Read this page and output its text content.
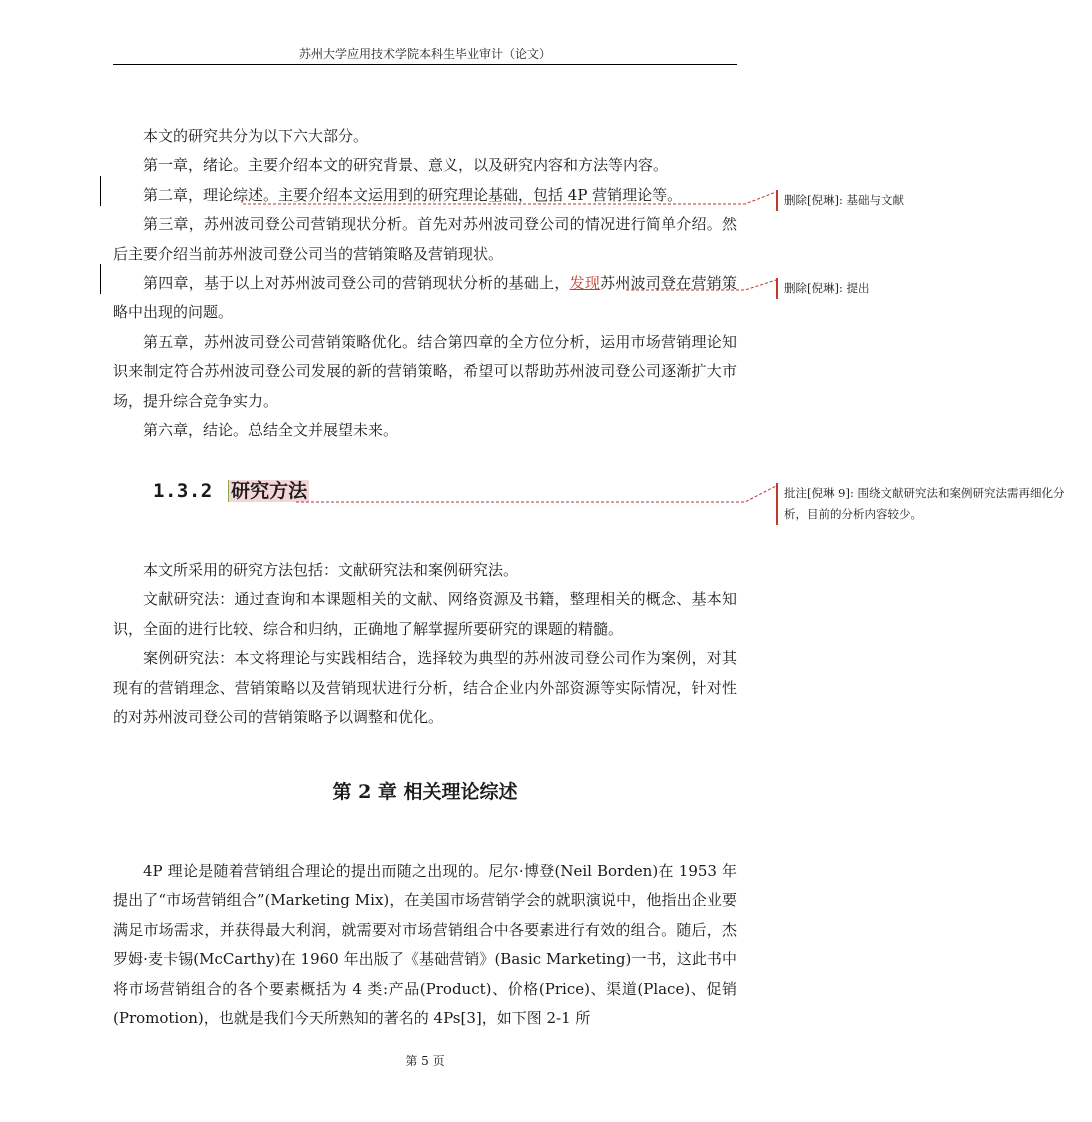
苏州大学应用技术学院本科生毕业审计（论文）

本文的研究共分为以下六大部分。

第一章，绪论。主要介绍本文的研究背景、意义，以及研究内容和方法等内容。

第二章，理论综述。主要介绍本文运用到的研究理论基础，包括 4P 营销理论等。

第三章，苏州波司登公司营销现状分析。首先对苏州波司登公司的情况进行简单介绍。然后主要介绍当前苏州波司登公司当的营销策略及营销现状。

第四章，基于以上对苏州波司登公司的营销现状分析的基础上，发现苏州波司登在营销策略中出现的问题。

第五章，苏州波司登公司营销策略优化。结合第四章的全方位分析，运用市场营销理论知识来制定符合苏州波司登公司发展的新的营销策略，希望可以帮助苏州波司登公司逐渐扩大市场，提升综合竞争实力。

第六章，结论。总结全文并展望未来。

1.3.2 研究方法

本文所采用的研究方法包括：文献研究法和案例研究法。

文献研究法：通过查询和本课题相关的文献、网络资源及书籍，整理相关的概念、基本知识，全面的进行比较、综合和归纳，正确地了解掌握所要研究的课题的精髓。

案例研究法：本文将理论与实践相结合，选择较为典型的苏州波司登公司作为案例，对其现有的营销理念、营销策略以及营销现状进行分析，结合企业内外部资源等实际情况，针对性的对苏州波司登公司的营销策略予以调整和优化。

第 2 章 相关理论综述

4P 理论是随着营销组合理论的提出而随之出现的。尼尔·博登(Neil Borden)在 1953 年提出了“市场营销组合”(Marketing Mix)，在美国市场营销学会的就职演说中，他指出企业要满足市场需求，并获得最大利润，就需要对市场营销组合中各要素进行有效的组合。随后，杰罗姆·麦卡锡(McCarthy)在 1960 年出版了《基础营销》(Basic Marketing)一书，这此书中将市场营销组合的各个要素概括为 4 类:产品(Product)、价格(Price)、渠道(Place)、促销(Promotion)，也就是我们今天所熟知的著名的 4Ps[3]，如下图 2-1 所

第 5 页
删除[倪琳]: 基础与文献
删除[倪琳]: 提出
批注[倪琳 9]: 围绕文献研究法和案例研究法需再细化分析，目前的分析内容较少。
